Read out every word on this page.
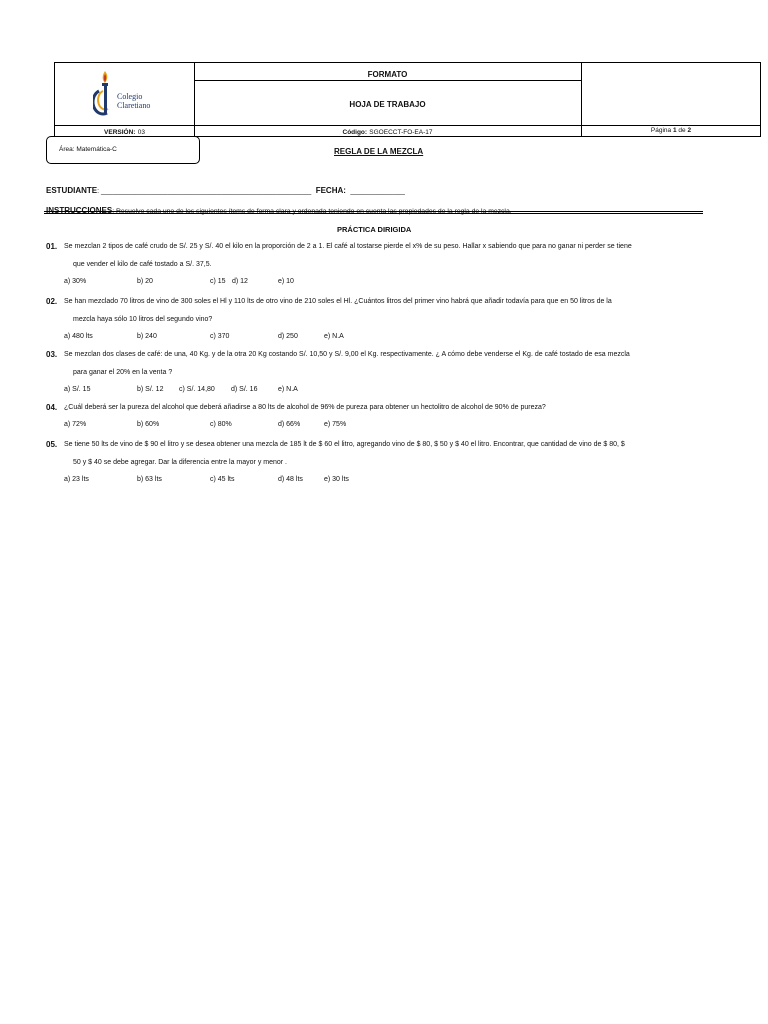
FORMATO
HOJA DE TRABAJO
VERSIÓN: 03	Código: SGOECCT-FO-EA-17	Página 1 de 2
Colegio
Claretiano
Área: Matemática-C	REGLA DE LA MEZCLA
ESTUDIANTE: ______________________________________________________ FECHA: ______________
INSTRUCCIONES: Resuelve cada uno de los siguientes ítems de forma clara y ordenada teniendo en cuenta las propiedades de la regla de la mezcla.
PRÁCTICA DIRIGIDA
01. Se mezclan 2 tipos de café crudo de S/. 25 y S/. 40 el kilo en la proporción de 2 a 1. El café al tostarse pierde el x% de su peso. Hallar x sabiendo que para no ganar ni perder se tiene
que vender el kilo de café tostado a S/. 37,5.
a) 30%	b) 20	c) 15 d) 12	e) 10
02. Se han mezclado 70 litros de vino de 300 soles el Hl y 110 lts de otro vino de 210 soles el Hl. ¿Cuántos litros del primer vino habrá que añadir todavía para que en 50 litros de la
mezcla haya sólo 10 litros del segundo vino?
a) 480 lts	b) 240	c) 370	d) 250	e) N.A
03. Se mezclan dos clases de café: de una, 40 Kg. y de la otra 20 Kg costando S/. 10,50 y S/. 9,00 el Kg. respectivamente. ¿ A cómo debe venderse el Kg. de café tostado de esa mezcla
para ganar el 20% en la venta ?
a) S/. 15	b) S/. 12 c) S/. 14,80 d) S/. 16	e) N.A
04. ¿Cuál deberá ser la pureza del alcohol que deberá añadirse a 80 lts de alcohol de 96% de pureza para obtener un hectolitro de alcohol de 90% de pureza?
a) 72%	b) 60%	c) 80%	d) 66%	e) 75%
05. Se tiene 50 lts de vino de $ 90 el litro y se desea obtener una mezcla de 185 lt de $ 60 el litro, agregando vino de $ 80, $ 50 y $ 40 el litro. Encontrar, que cantidad de vino de $ 80, $
50 y $ 40 se debe agregar. Dar la diferencia entre la mayor y menor .
a) 23 lts	b) 63 lts	c) 45 lts	d) 48 lts	e) 30 lts
